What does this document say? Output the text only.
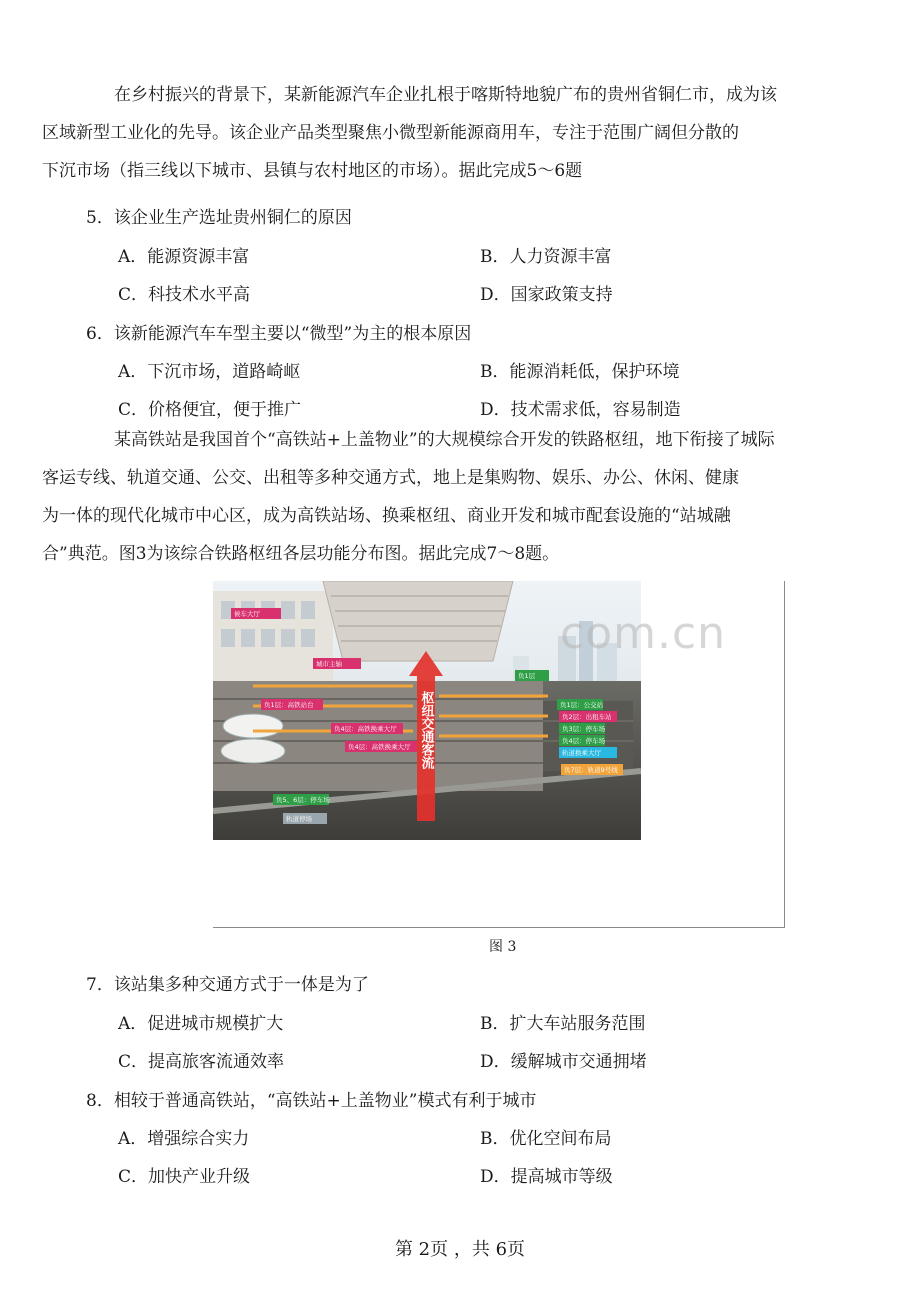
在乡村振兴的背景下，某新能源汽车企业扎根于喀斯特地貌广布的贵州省铜仁市，成为该
区域新型工业化的先导。该企业产品类型聚焦小微型新能源商用车，专注于范围广阔但分散的
下沉市场（指三线以下城市、县镇与农村地区的市场）。据此完成5～6题

5．该企业生产选址贵州铜仁的原因

A．能源资源丰富	B．人力资源丰富

C．科技术水平高	D．国家政策支持

6．该新能源汽车车型主要以“微型”为主的根本原因

A．下沉市场，道路崎岖	B．能源消耗低，保护环境

C．价格便宜，便于推广	D．技术需求低，容易制造

某高铁站是我国首个“高铁站+上盖物业”的大规模综合开发的铁路枢纽，地下衔接了城际
客运专线、轨道交通、公交、出租等多种交通方式，地上是集购物、娱乐、办公、休闲、健康
为一体的现代化城市中心区，成为高铁站场、换乘枢纽、商业开发和城市配套设施的“站城融
合”典范。图3为该综合铁路枢纽各层功能分布图。据此完成7～8题。
候车大厅
城市主轴
负1层：高铁站台
负4层：高铁换乘大厅
负4层：高铁换乘大厅
负5、6层：停车场
轨道停场
负1层
负1层：公交站
负2层：出租车站
负3层：停车场
负4层：停车场
轨道换乘大厅
负7层：轨道9号线
枢纽交通客流
com.cn

图 3

7．该站集多种交通方式于一体是为了

A．促进城市规模扩大	B．扩大车站服务范围

C．提高旅客流通效率	D．缓解城市交通拥堵

8．相较于普通高铁站，“高铁站+上盖物业”模式有利于城市

A．增强综合实力	B．优化空间布局

C．加快产业升级	D．提高城市等级

第 2页 ，共 6页
